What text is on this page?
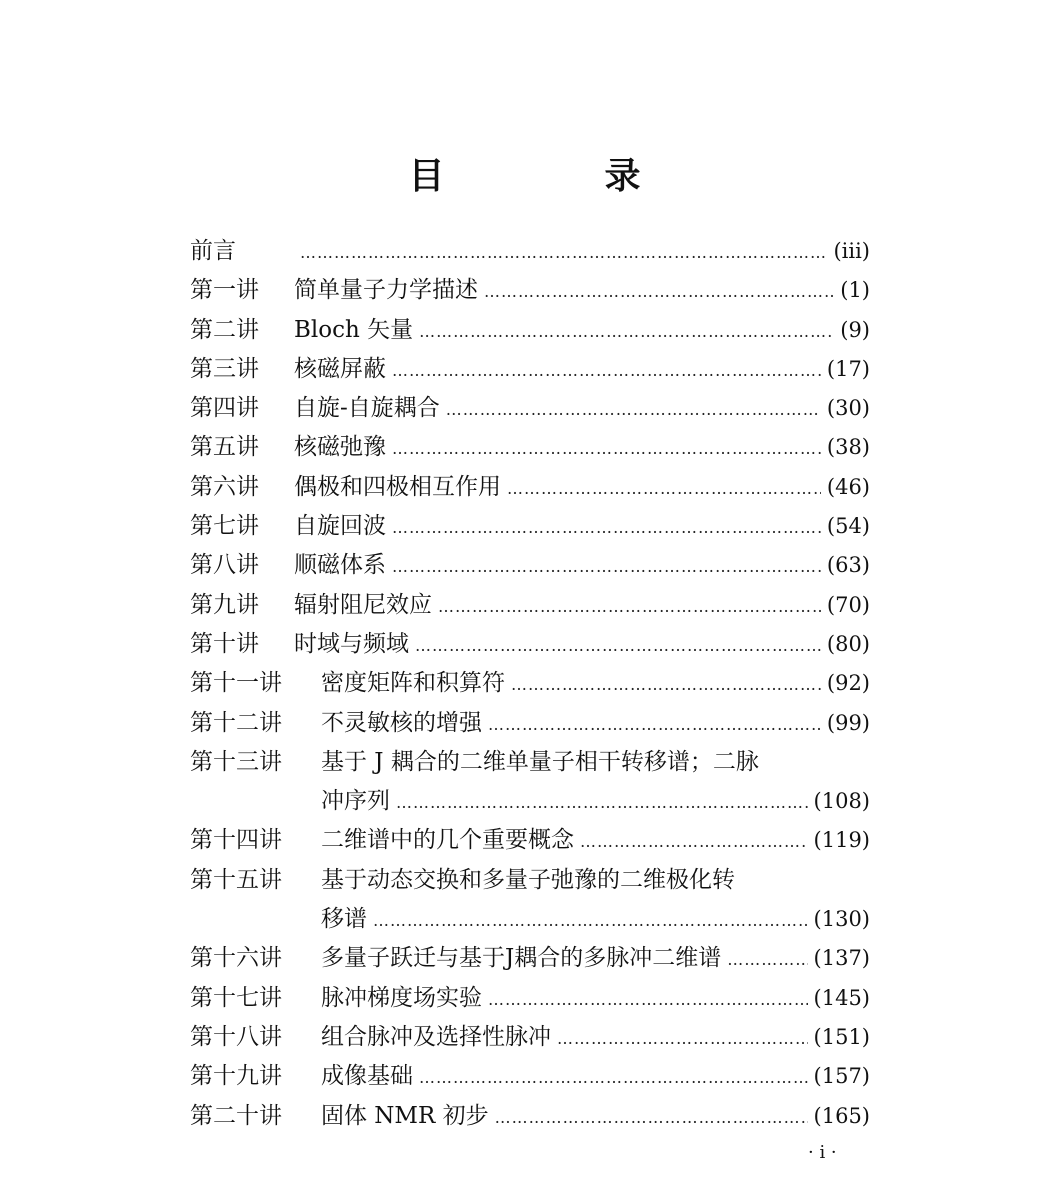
目　录
前言 …………………………………………………………………………………………………………………………………………	(iii)
第一讲	简单量子力学描述 …………………………………………………………………………………………………………………………………………	(1)
第二讲	Bloch 矢量 …………………………………………………………………………………………………………………………………………	(9)
第三讲	核磁屏蔽 …………………………………………………………………………………………………………………………………………	(17)
第四讲	自旋-自旋耦合 …………………………………………………………………………………………………………………………………………	(30)
第五讲	核磁弛豫 …………………………………………………………………………………………………………………………………………	(38)
第六讲	偶极和四极相互作用 …………………………………………………………………………………………………………………………………………	(46)
第七讲	自旋回波 …………………………………………………………………………………………………………………………………………	(54)
第八讲	顺磁体系 …………………………………………………………………………………………………………………………………………	(63)
第九讲	辐射阻尼效应 …………………………………………………………………………………………………………………………………………	(70)
第十讲	时域与频域 …………………………………………………………………………………………………………………………………………	(80)
第十一讲	密度矩阵和积算符 …………………………………………………………………………………………………………………………………………	(92)
第十二讲	不灵敏核的增强 …………………………………………………………………………………………………………………………………………	(99)
第十三讲	基于 J 耦合的二维单量子相干转移谱；二脉
冲序列 …………………………………………………………………………………………………………………………………………	(108)
第十四讲	二维谱中的几个重要概念 …………………………………………………………………………………………………………………………………………	(119)
第十五讲	基于动态交换和多量子弛豫的二维极化转
移谱 …………………………………………………………………………………………………………………………………………	(130)
第十六讲	多量子跃迁与基于J耦合的多脉冲二维谱 …………………………………………………………………………………………………………………………………………	(137)
第十七讲	脉冲梯度场实验 …………………………………………………………………………………………………………………………………………	(145)
第十八讲	组合脉冲及选择性脉冲 …………………………………………………………………………………………………………………………………………	(151)
第十九讲	成像基础 …………………………………………………………………………………………………………………………………………	(157)
第二十讲	固体 NMR 初步 …………………………………………………………………………………………………………………………………………	(165)
· i ·
